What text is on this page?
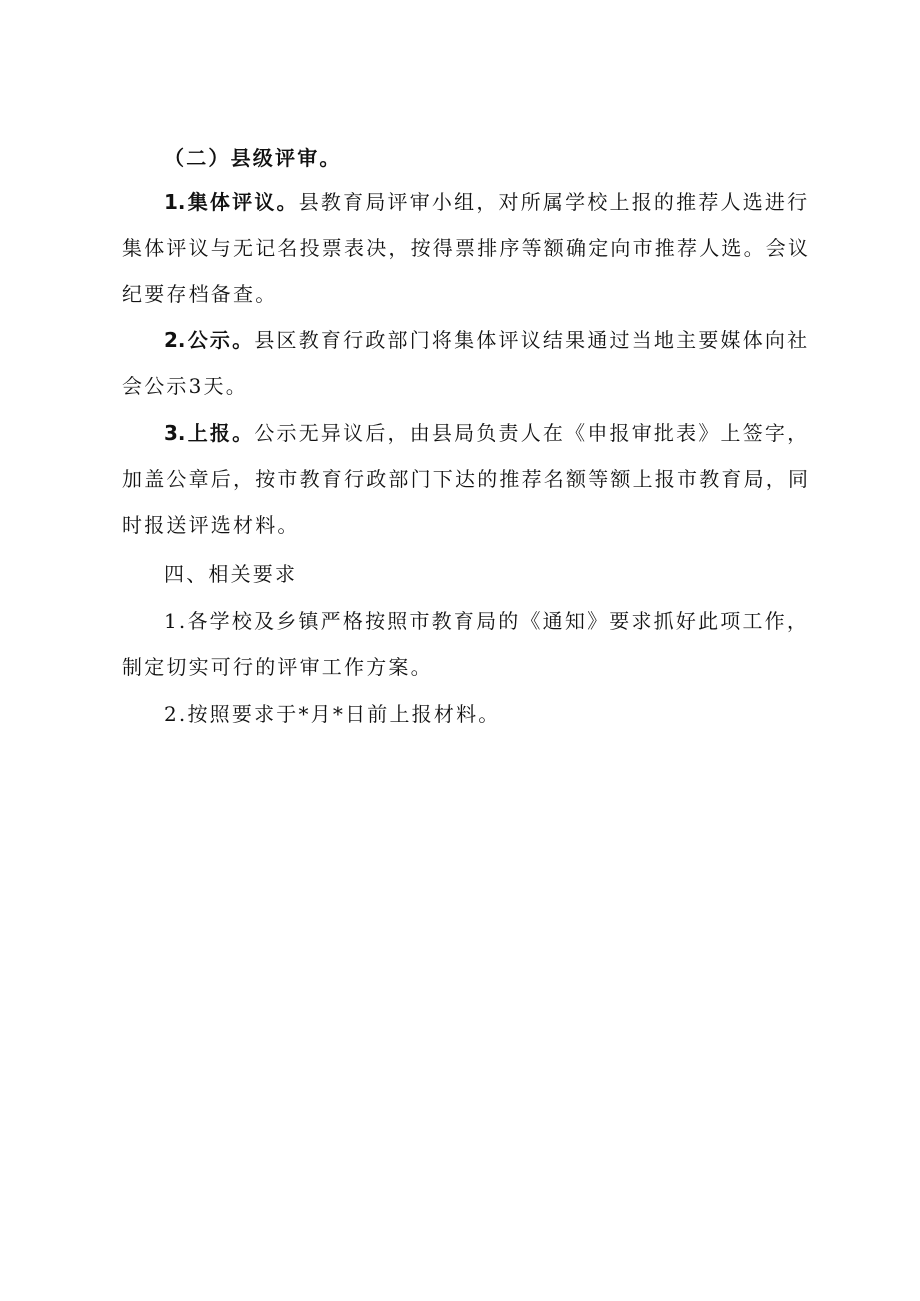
（二）县级评审。
1.集体评议。县教育局评审小组，对所属学校上报的推荐人选进行
集体评议与无记名投票表决，按得票排序等额确定向市推荐人选。会议
纪要存档备查。
2.公示。县区教育行政部门将集体评议结果通过当地主要媒体向社
会公示3天。
3.上报。公示无异议后，由县局负责人在《申报审批表》上签字，
加盖公章后，按市教育行政部门下达的推荐名额等额上报市教育局，同
时报送评选材料。
四、相关要求
1.各学校及乡镇严格按照市教育局的《通知》要求抓好此项工作，
制定切实可行的评审工作方案。
2.按照要求于*月*日前上报材料。
